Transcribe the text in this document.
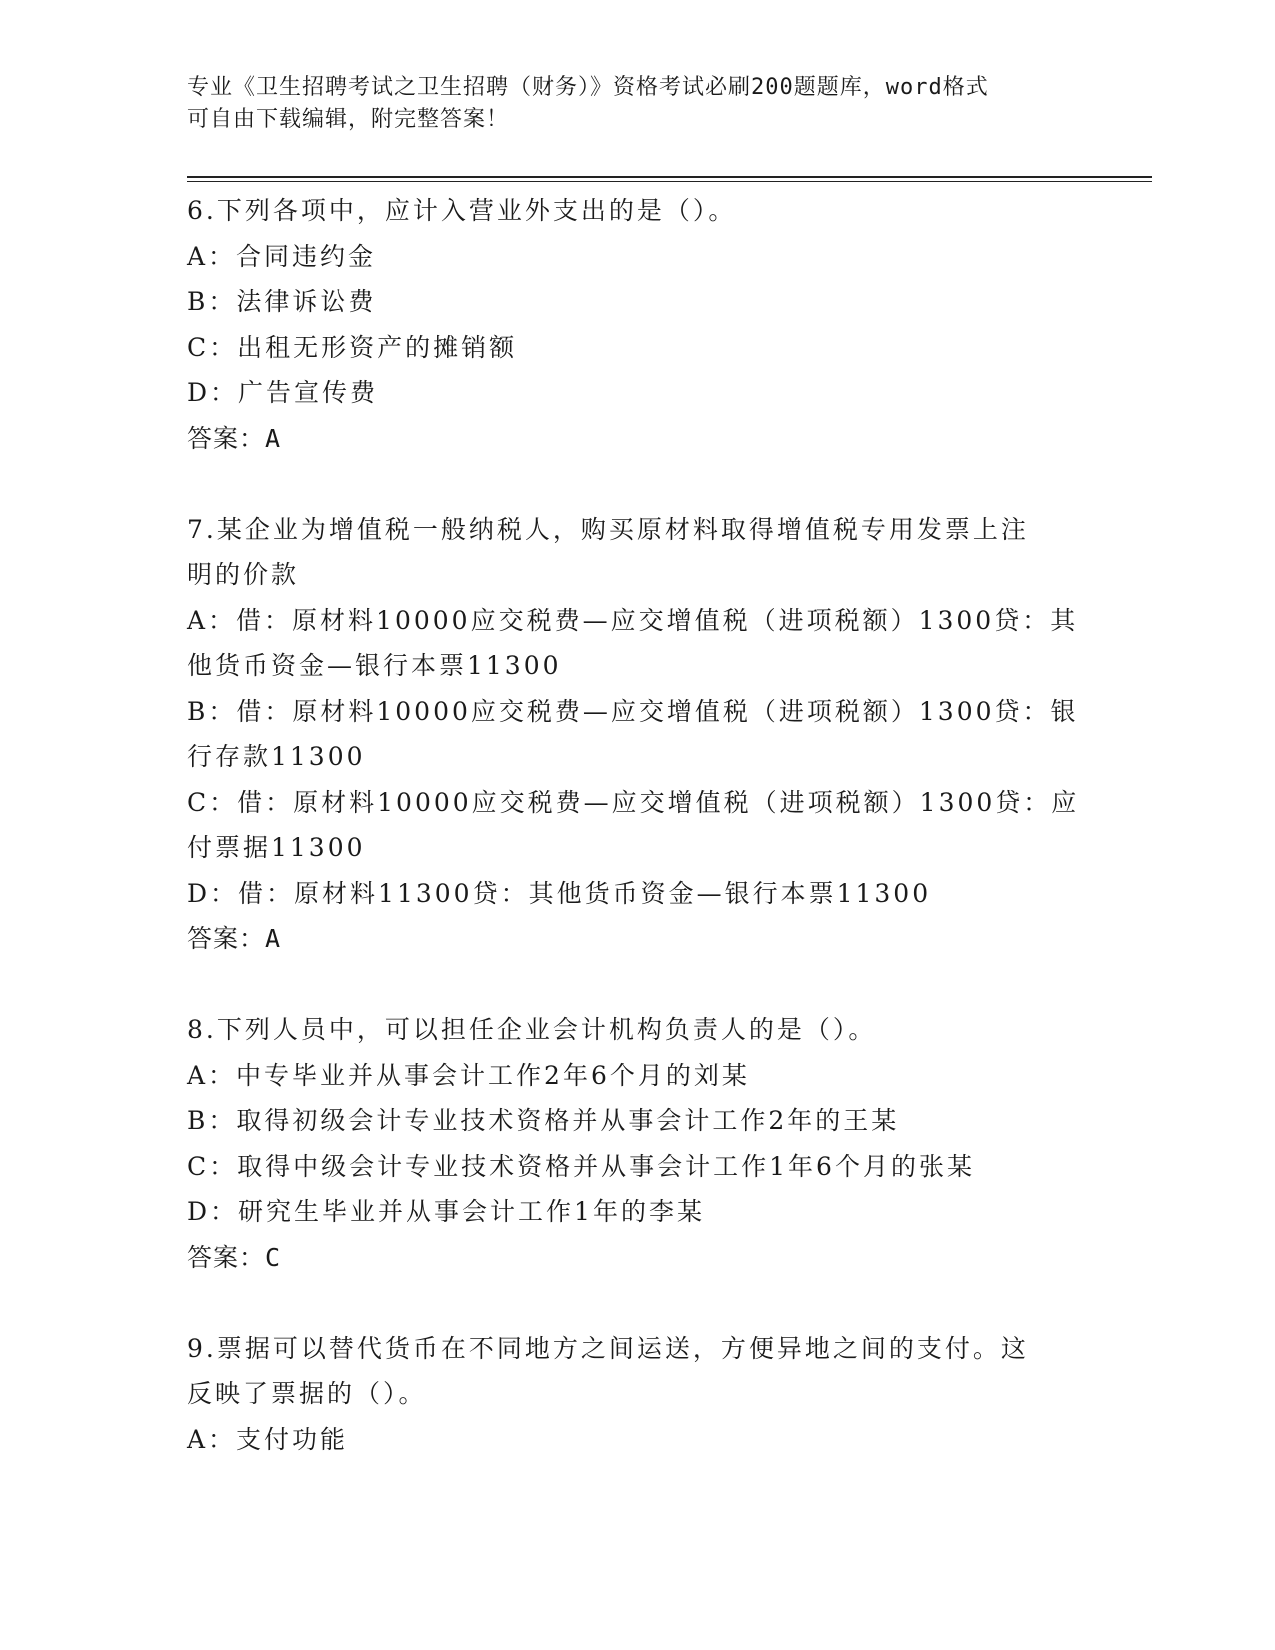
专业《卫生招聘考试之卫生招聘（财务）》资格考试必刷200题题库，word格式
可自由下载编辑，附完整答案！
6.下列各项中，应计入营业外支出的是（）。
A：合同违约金
B：法律诉讼费
C：出租无形资产的摊销额
D：广告宣传费
答案：A
7.某企业为增值税一般纳税人，购买原材料取得增值税专用发票上注
明的价款
A：借：原材料10000应交税费—应交增值税（进项税额）1300贷：其
他货币资金—银行本票11300
B：借：原材料10000应交税费—应交增值税（进项税额）1300贷：银
行存款11300
C：借：原材料10000应交税费—应交增值税（进项税额）1300贷：应
付票据11300
D：借：原材料11300贷：其他货币资金—银行本票11300
答案：A
8.下列人员中，可以担任企业会计机构负责人的是（）。
A：中专毕业并从事会计工作2年6个月的刘某
B：取得初级会计专业技术资格并从事会计工作2年的王某
C：取得中级会计专业技术资格并从事会计工作1年6个月的张某
D：研究生毕业并从事会计工作1年的李某
答案：C
9.票据可以替代货币在不同地方之间运送，方便异地之间的支付。这
反映了票据的（）。
A：支付功能
